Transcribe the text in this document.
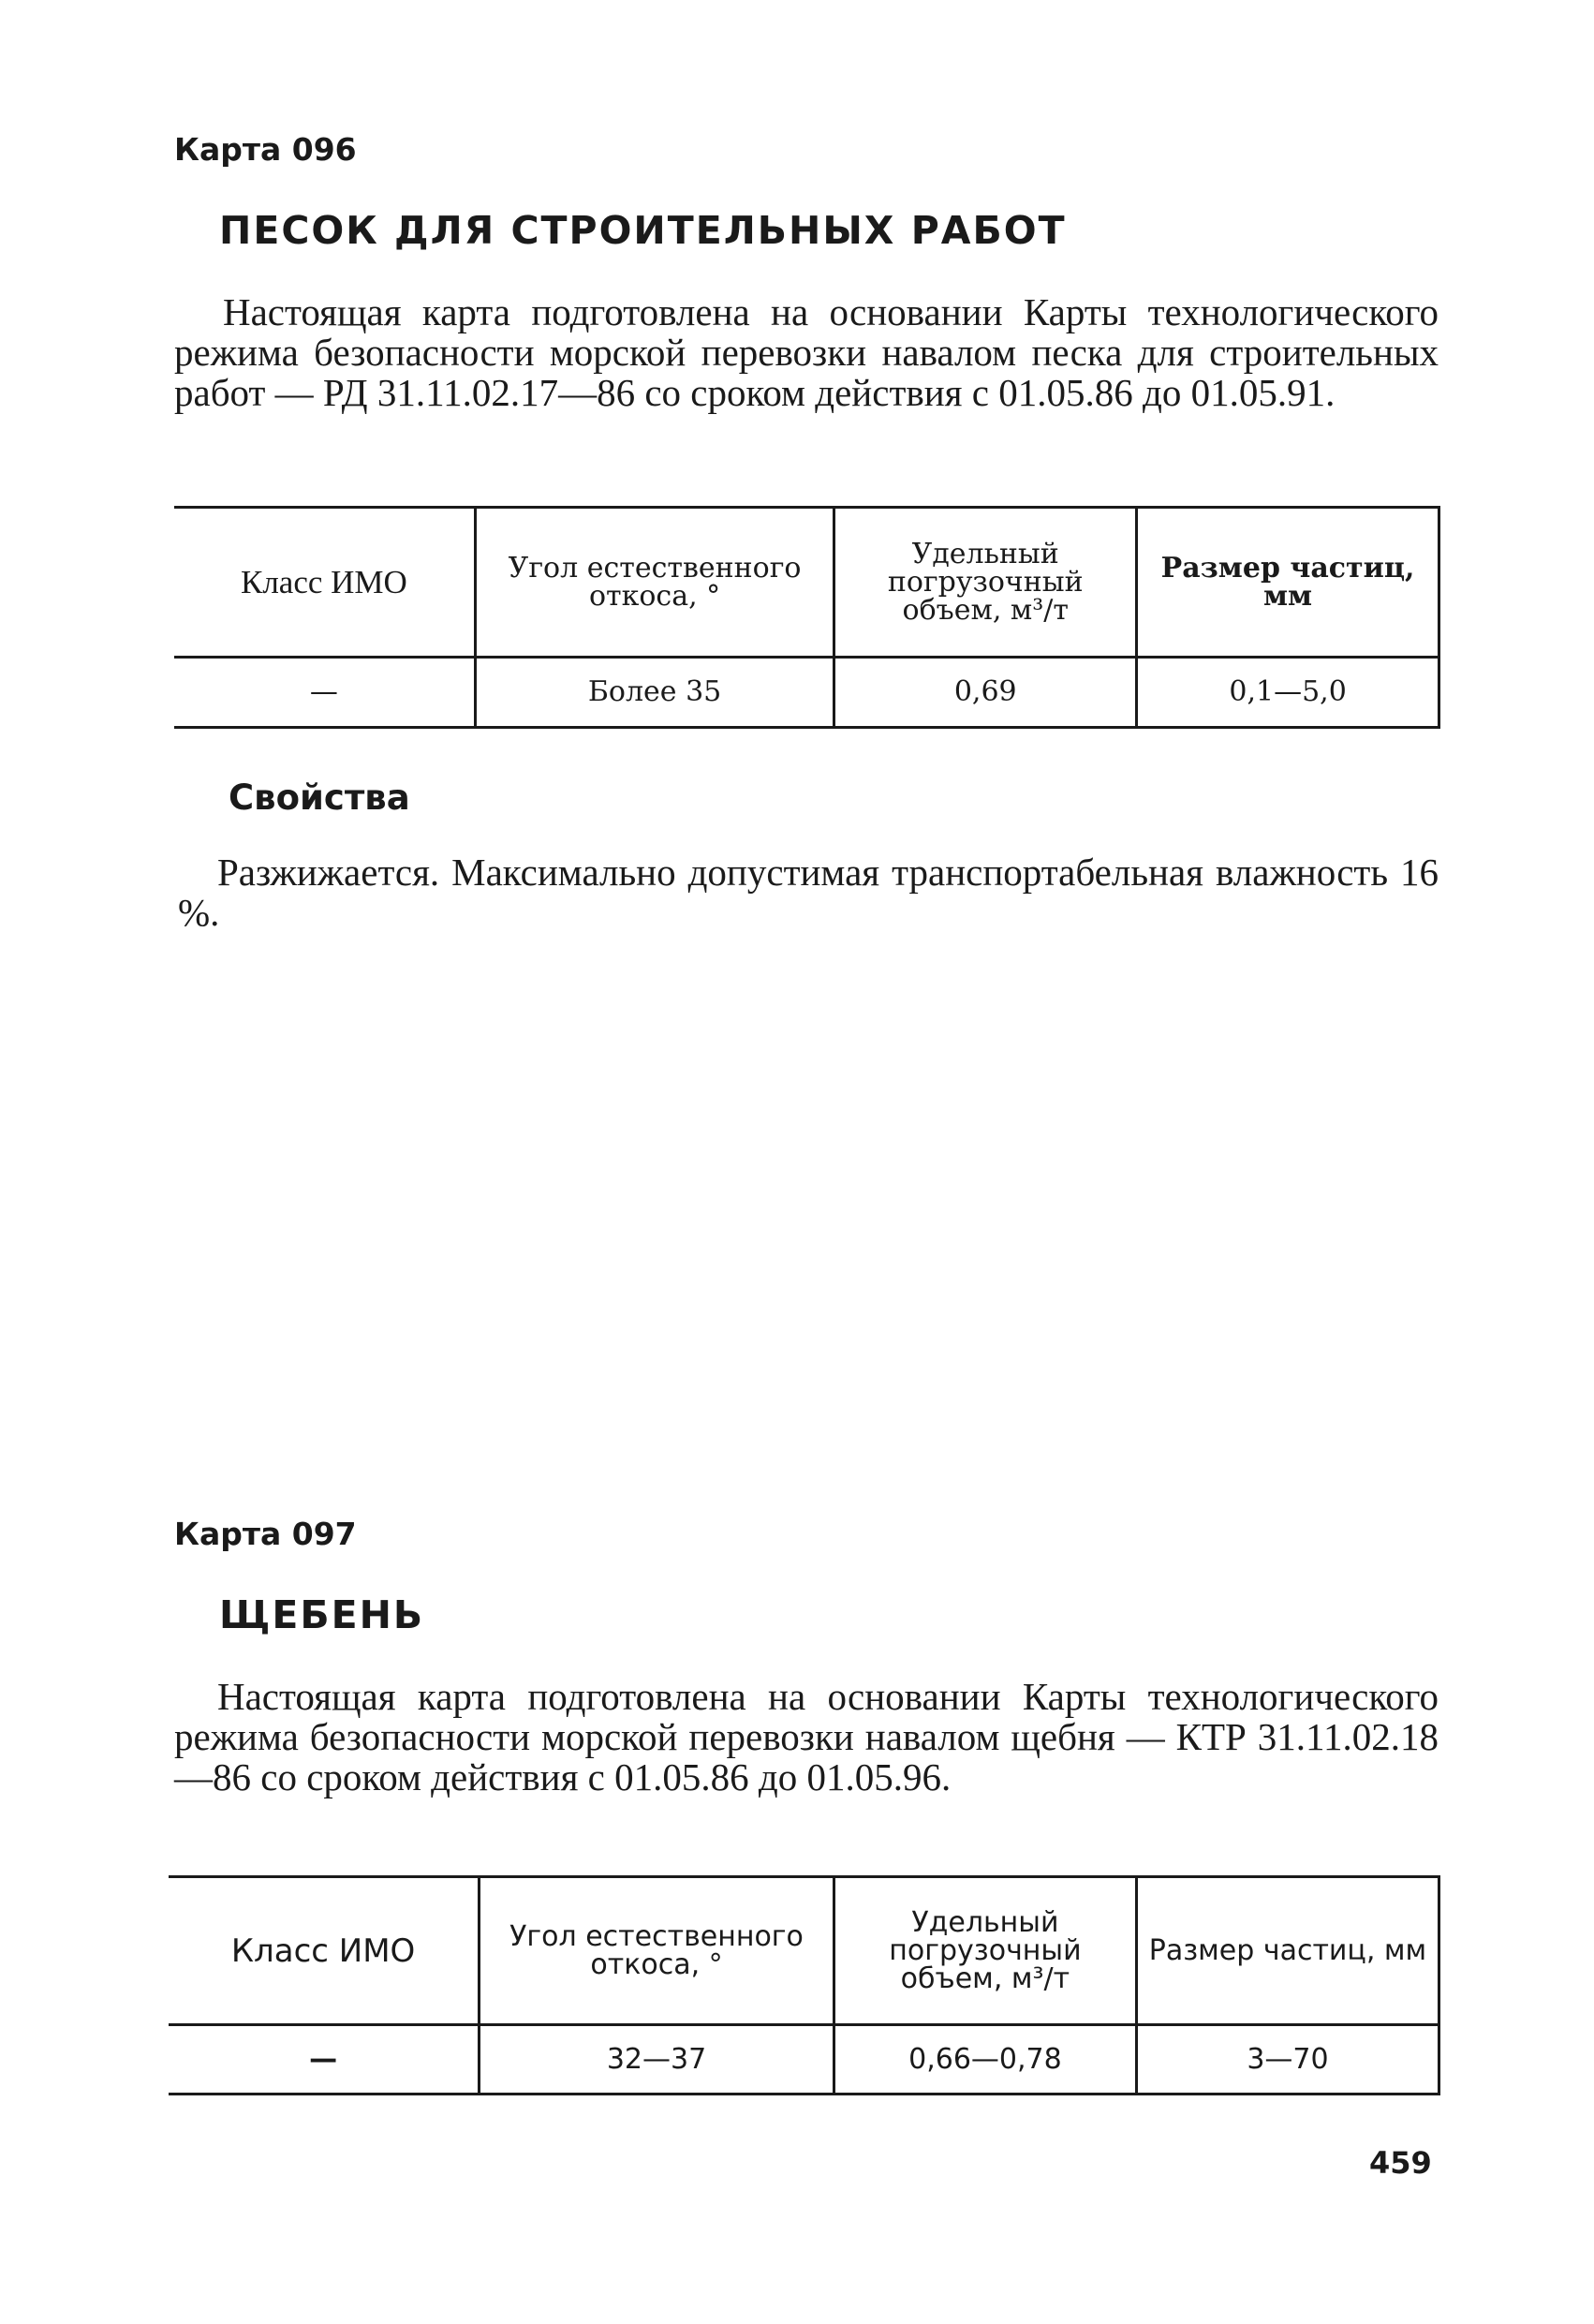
Карта 096
ПЕСОК ДЛЯ СТРОИТЕЛЬНЫХ РАБОТ

Настоящая карта подготовлена на основании Карты технологического режима безопасности морской перевозки навалом песка для строительных работ — РД 31.11.02.17—86 со сроком действия с 01.05.86 до 01.05.91.

Класс ИМО	Угол естественного откоса, °	Удельный погрузочный объем, м³/т	Размер частиц, мм
—	Более 35	0,69	0,1—5,0
Свойства

Разжижается. Максимально допустимая транспортабельная влажность 16 %.

Карта 097
ЩЕБЕНЬ

Настоящая карта подготовлена на основании Карты технологического режима безопасности морской перевозки навалом щебня — КТР 31.11.02.18—86 со сроком действия с 01.05.86 до 01.05.96.

Класс ИМО	Угол естественного откоса, °	Удельный погрузочный объем, м³/т	Размер частиц, мм
—	32—37	0,66—0,78	3—70
459
